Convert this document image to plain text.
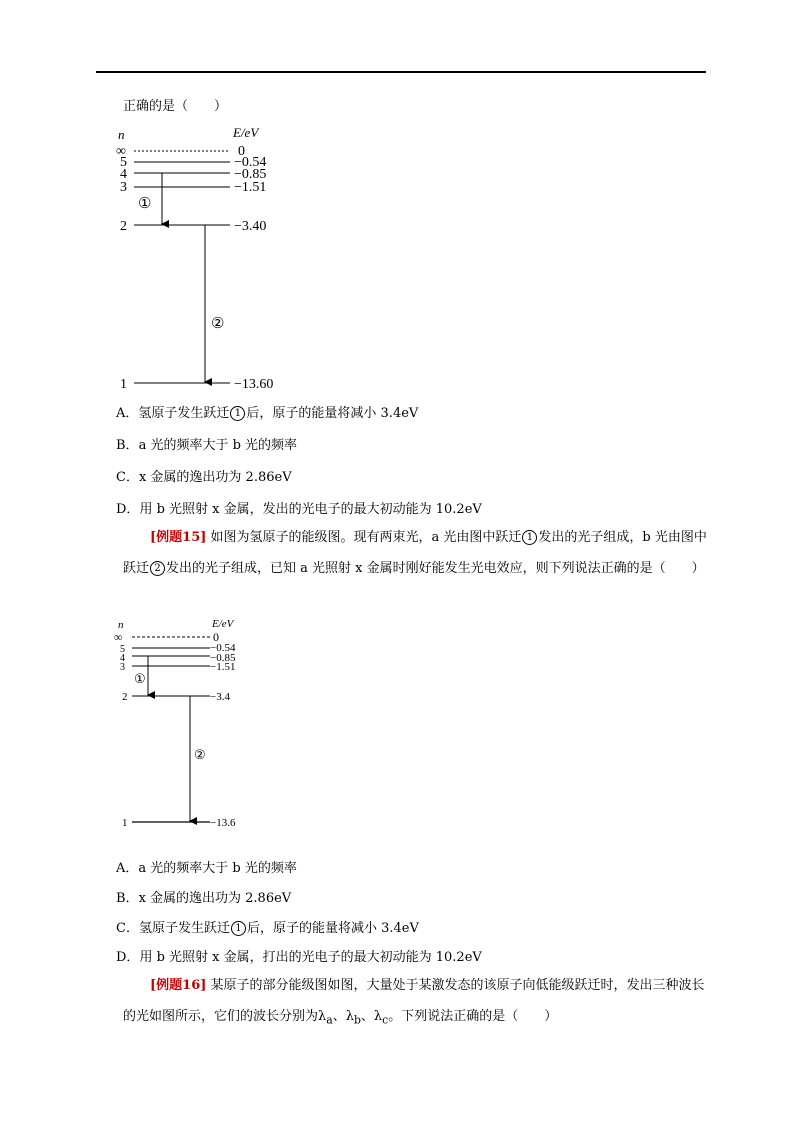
正确的是（　　）
n	E/eV
∞	0
5	−0.54
4	−0.85
3	−1.51
2	−3.40
1	−13.60
①
②
A．氢原子发生跃迁 1 后，原子的能量将减小 3.4eV
B．a 光的频率大于 b 光的频率
C．x 金属的逸出功为 2.86eV
D．用 b 光照射 x 金属，发出的光电子的最大初动能为 10.2eV
[例题15] 如图为氢原子的能级图。现有两束光，a 光由图中跃迁 1 发出的光子组成，b 光由图中跃迁 2 发出的光子组成，已知 a 光照射 x 金属时刚好能发生光电效应，则下列说法正确的是（　　）
n	E/eV
∞	0
5	−0.54
4	−0.85
3	−1.51
2	−3.4
1	−13.6
①
②
A．a 光的频率大于 b 光的频率
B．x 金属的逸出功为 2.86eV
C．氢原子发生跃迁 1 后，原子的能量将减小 3.4eV
D．用 b 光照射 x 金属，打出的光电子的最大初动能为 10.2eV
[例题16] 某原子的部分能级图如图，大量处于某激发态的该原子向低能级跃迁时，发出三种波长的光如图所示，它们的波长分别为$\lambda_a$、$\lambda_b$、$\lambda_c$。下列说法正确的是（　　）
